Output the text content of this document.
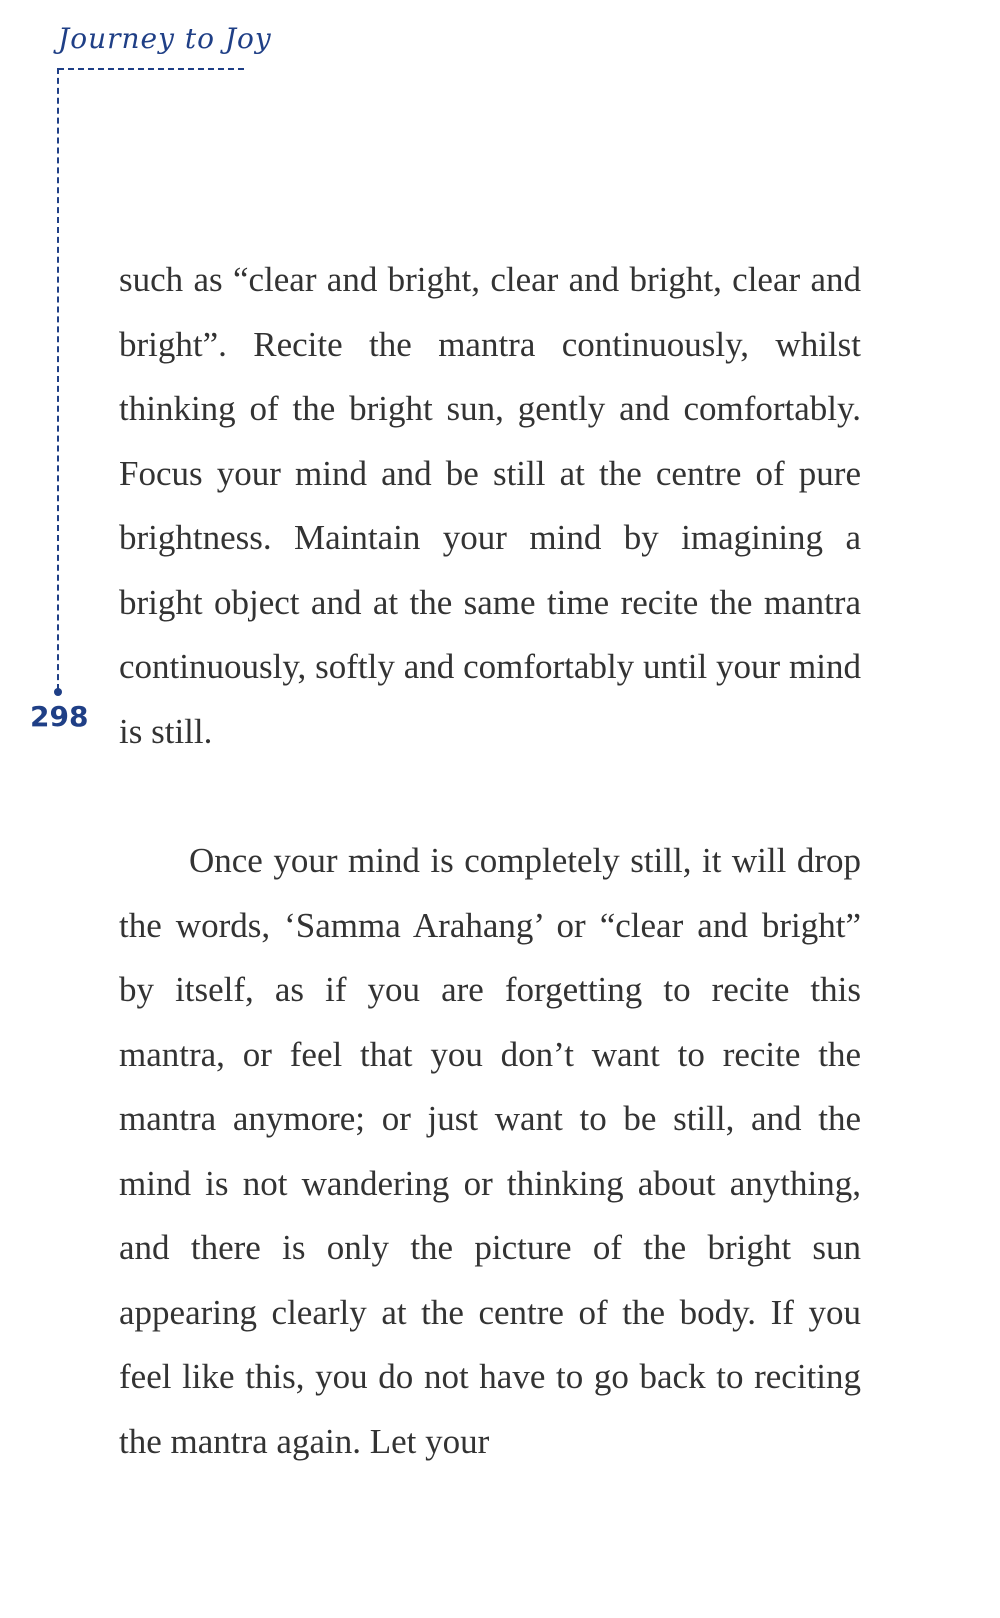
Journey to Joy
298

such as “clear and bright, clear and bright, clear and bright”. Recite the mantra continuously, whilst thinking of the bright sun, gently and comfortably. Focus your mind and be still at the centre of pure brightness. Maintain your mind by imagining a bright object and at the same time recite the mantra continuously, softly and comfortably until your mind is still.

Once your mind is completely still, it will drop the words, ‘Samma Arahang’ or “clear and bright” by itself, as if you are forgetting to recite this mantra, or feel that you don’t want to recite the mantra anymore; or just want to be still, and the mind is not wandering or thinking about anything, and there is only the picture of the bright sun appearing clearly at the centre of the body. If you feel like this, you do not have to go back to reciting the mantra again. Let your
